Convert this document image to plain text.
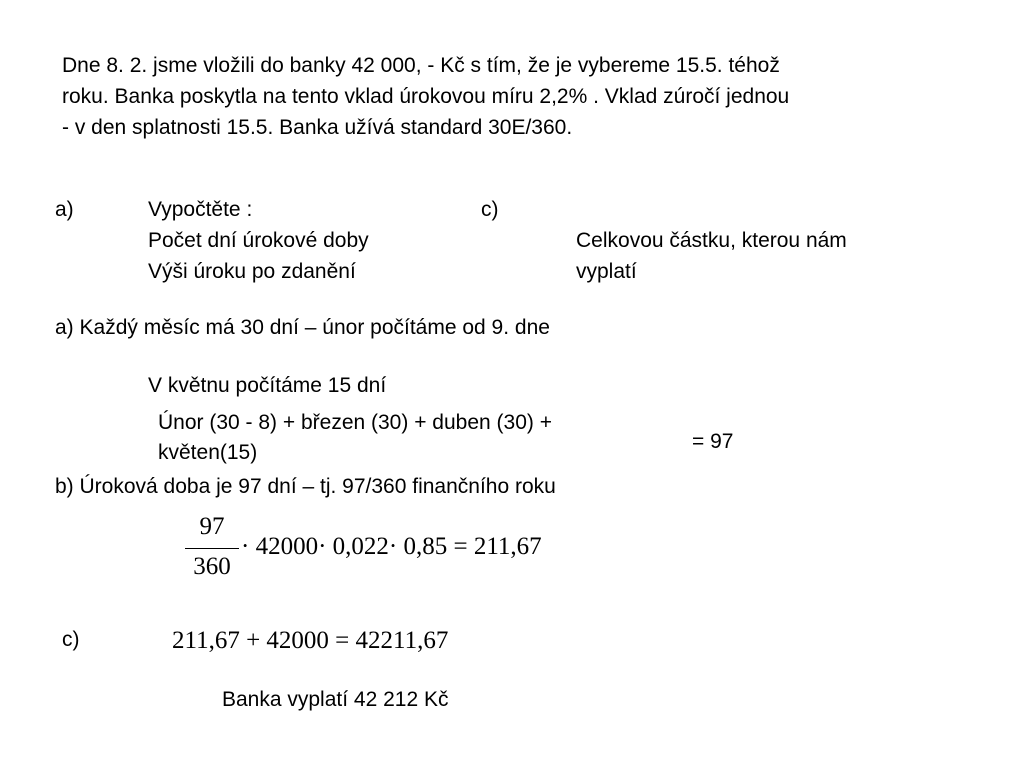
Dne 8. 2. jsme vložili do banky 42 000, - Kč s tím, že je vybereme 15.5. téhož
roku. Banka poskytla na tento vklad úrokovou míru 2,2% . Vklad zúročí jednou
- v den splatnosti 15.5. Banka užívá standard 30E/360.

a)	Vypočtěte :

Počet dní úrokové doby

Výši úroku po zdanění

c)

Celkovou částku, kterou nám

vyplatí

a) Každý měsíc má 30 dní – únor počítáme od 9. dne

V květnu počítáme 15 dní

Únor (30 - 8) + březen (30) + duben (30) +

květen(15)	= 97

b) Úroková doba je 97 dní – tj. 97/360 finančního roku

97
360
· 42000· 0,022· 0,85 = 211,67

c)	211,67 + 42000 = 42211,67

Banka vyplatí 42 212 Kč
